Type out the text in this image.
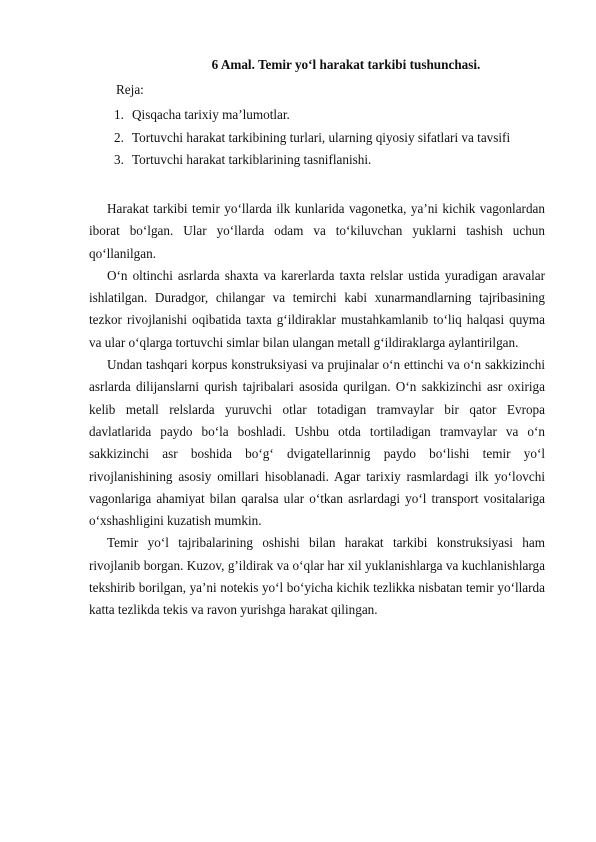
6 Amal. Temir yo‘l harakat tarkibi tushunchasi.
Reja:
1. Qisqacha tarixiy ma’lumotlar.
2. Tortuvchi harakat tarkibining turlari, ularning qiyosiy sifatlari va tavsifi
3. Tortuvchi harakat tarkiblarining tasniflanishi.

Harakat tarkibi temir yo‘llarda ilk kunlarida vagonetka, ya’ni kichik vagonlardan iborat bo‘lgan. Ular yo‘llarda odam va to‘kiluvchan yuklarni tashish uchun qo‘llanilgan.

O‘n oltinchi asrlarda shaxta va karerlarda taxta relslar ustida yuradigan aravalar ishlatilgan. Duradgor, chilangar va temirchi kabi xunarmandlarning tajribasining tezkor rivojlanishi oqibatida taxta g‘ildiraklar mustahkamlanib to‘liq halqasi quyma va ular o‘qlarga tortuvchi simlar bilan ulangan metall g‘ildiraklarga aylantirilgan.

Undan tashqari korpus konstruksiyasi va prujinalar o‘n ettinchi va o‘n sakkizinchi asrlarda dilijanslarni qurish tajribalari asosida qurilgan. O‘n sakkizinchi asr oxiriga kelib metall relslarda yuruvchi otlar totadigan tramvaylar bir qator Evropa davlatlarida paydo bo‘la boshladi. Ushbu otda tortiladigan tramvaylar va o‘n sakkizinchi asr boshida bo‘g‘ dvigatellarinnig paydo bo‘lishi temir yo‘l rivojlanishining asosiy omillari hisoblanadi. Agar tarixiy rasmlardagi ilk yo‘lovchi vagonlariga ahamiyat bilan qaralsa ular o‘tkan asrlardagi yo‘l transport vositalariga o‘xshashligini kuzatish mumkin.

Temir yo‘l tajribalarining oshishi bilan harakat tarkibi konstruksiyasi ham rivojlanib borgan. Kuzov, g’ildirak va o‘qlar har xil yuklanishlarga va kuchlanishlarga tekshirib borilgan, ya’ni notekis yo‘l bo‘yicha kichik tezlikka nisbatan temir yo‘llarda katta tezlikda tekis va ravon yurishga harakat qilingan.
